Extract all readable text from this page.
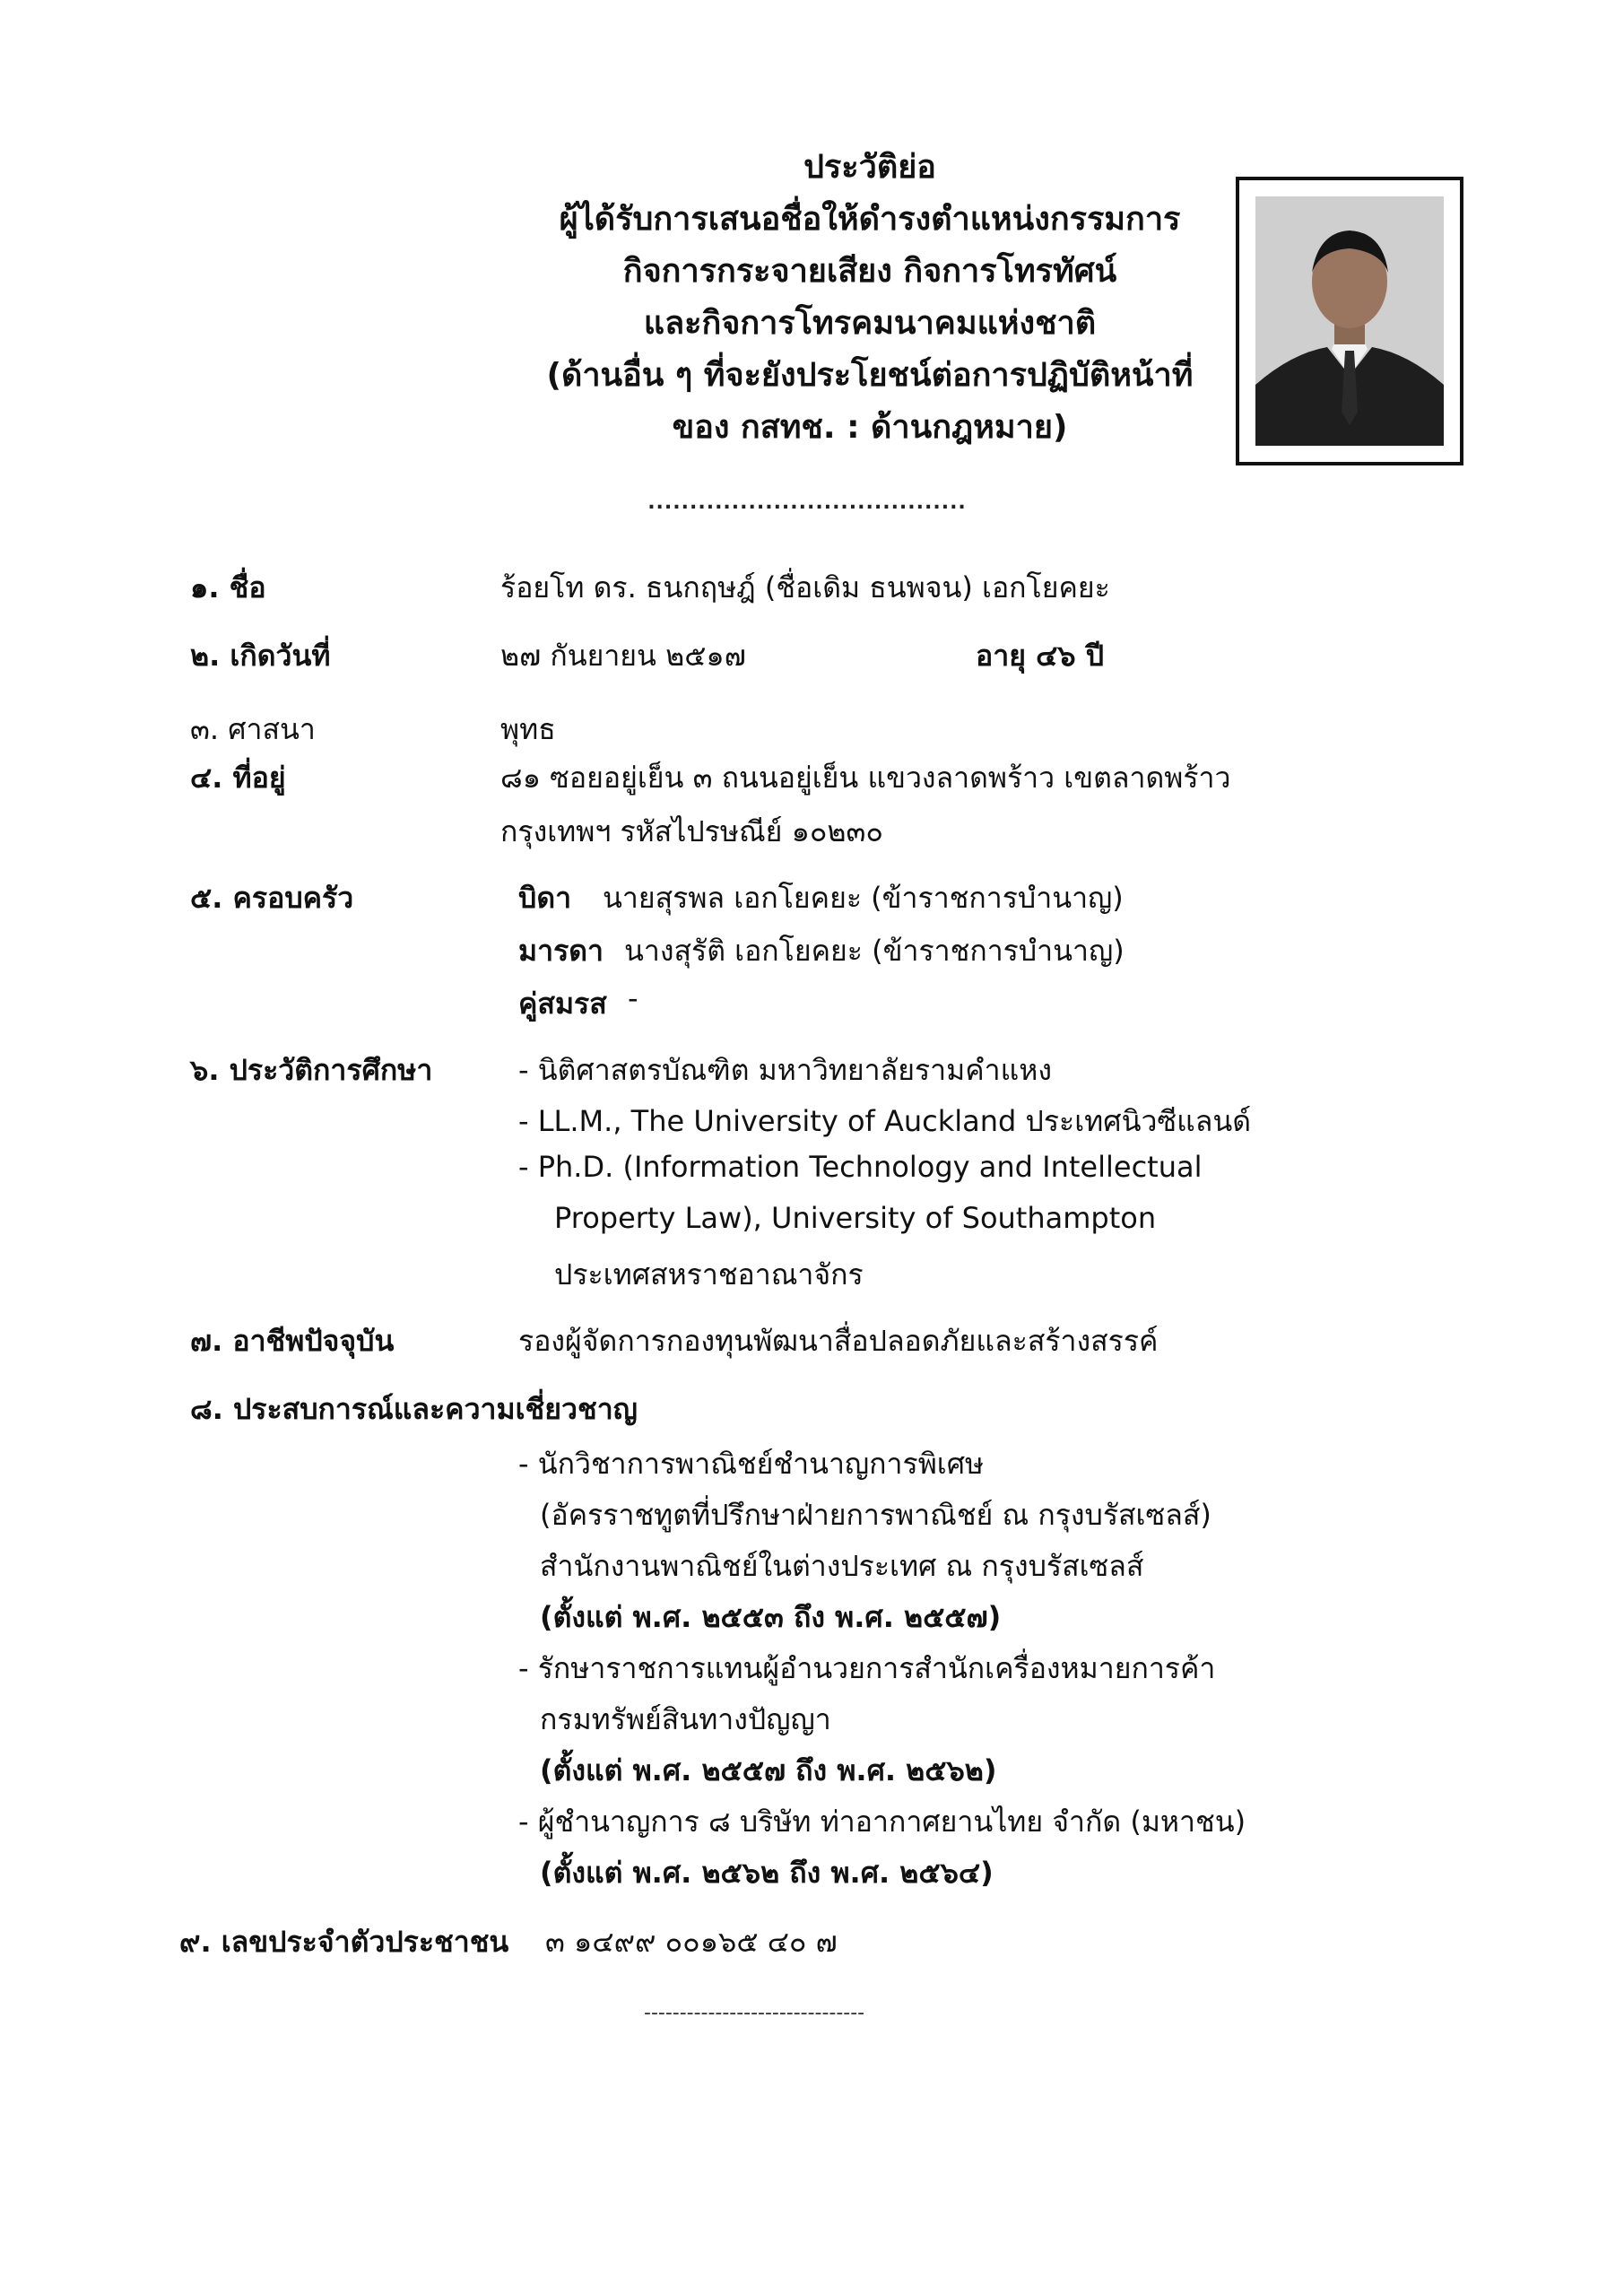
ประวัติย่อ
ผู้ได้รับการเสนอชื่อให้ดำรงตำแหน่งกรรมการ
กิจการกระจายเสียง กิจการโทรทัศน์
และกิจการโทรคมนาคมแห่งชาติ
(ด้านอื่น ๆ ที่จะยังประโยชน์ต่อการปฏิบัติหน้าที่
ของ กสทช. : ด้านกฎหมาย)
......................................
๑. ชื่อ	ร้อยโท ดร. ธนกฤษฎ์ (ชื่อเดิม ธนพจน) เอกโยคยะ
๒. เกิดวันที่	๒๗ กันยายน ๒๕๑๗	อายุ ๔๖ ปี
๓. ศาสนา	พุทธ
๔. ที่อยู่	๘๑ ซอยอยู่เย็น ๓ ถนนอยู่เย็น แขวงลาดพร้าว เขตลาดพร้าว
กรุงเทพฯ รหัสไปรษณีย์ ๑๐๒๓๐
๕. ครอบครัว	บิดา นายสุรพล เอกโยคยะ (ข้าราชการบำนาญ)
มารดา นางสุรัติ เอกโยคยะ (ข้าราชการบำนาญ)
คู่สมรส -
๖. ประวัติการศึกษา	- นิติศาสตรบัณฑิต มหาวิทยาลัยรามคำแหง
- LL.M., The University of Auckland ประเทศนิวซีแลนด์
- Ph.D. (Information Technology and Intellectual
Property Law), University of Southampton
ประเทศสหราชอาณาจักร
๗. อาชีพปัจจุบัน	รองผู้จัดการกองทุนพัฒนาสื่อปลอดภัยและสร้างสรรค์
๘. ประสบการณ์และความเชี่ยวชาญ
- นักวิชาการพาณิชย์ชำนาญการพิเศษ
(อัครราชทูตที่ปรึกษาฝ่ายการพาณิชย์ ณ กรุงบรัสเซลส์)
สำนักงานพาณิชย์ในต่างประเทศ ณ กรุงบรัสเซลส์
(ตั้งแต่ พ.ศ. ๒๕๕๓ ถึง พ.ศ. ๒๕๕๗)
- รักษาราชการแทนผู้อำนวยการสำนักเครื่องหมายการค้า
กรมทรัพย์สินทางปัญญา
(ตั้งแต่ พ.ศ. ๒๕๕๗ ถึง พ.ศ. ๒๕๖๒)
- ผู้ชำนาญการ ๘ บริษัท ท่าอากาศยานไทย จำกัด (มหาชน)
(ตั้งแต่ พ.ศ. ๒๕๖๒ ถึง พ.ศ. ๒๕๖๔)
๙. เลขประจำตัวประชาชน ๓ ๑๔๙๙ ๐๐๑๖๕ ๔๐ ๗
-------------------------------
